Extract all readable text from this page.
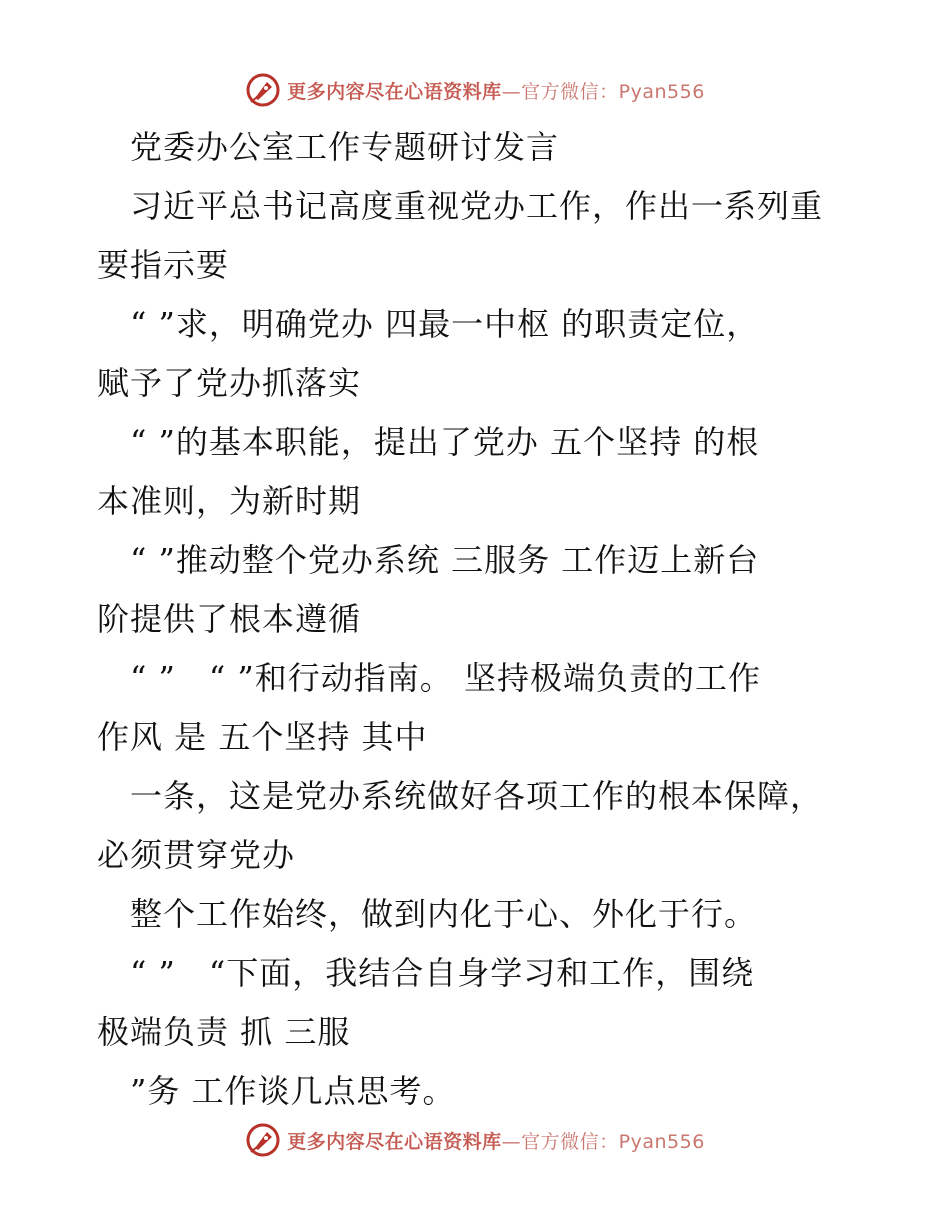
更多内容尽在心语资料库—官方微信：Pyan556
　党委办公室工作专题研讨发言
　习近平总书记高度重视党办工作，作出一系列重
要指示要
　“ ”求，明确党办 四最一中枢 的职责定位，
赋予了党办抓落实
　“ ”的基本职能，提出了党办 五个坚持 的根
本准则，为新时期
　“ ”推动整个党办系统 三服务 工作迈上新台
阶提供了根本遵循
　“ ”　“ ”和行动指南。 坚持极端负责的工作
作风 是 五个坚持 其中
　一条，这是党办系统做好各项工作的根本保障，
必须贯穿党办
　整个工作始终，做到内化于心、外化于行。
　“ ”　“下面，我结合自身学习和工作，围绕
极端负责 抓 三服
　”务 工作谈几点思考。
更多内容尽在心语资料库—官方微信：Pyan556
